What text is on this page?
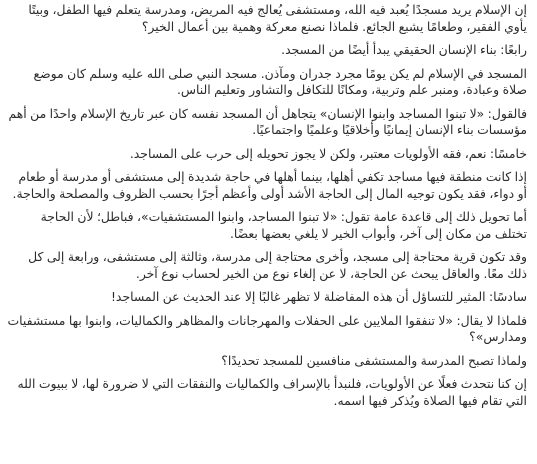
إن الإسلام يريد مسجدًا يُعبد فيه الله، ومستشفى يُعالج فيه المريض، ومدرسة يتعلم فيها الطفل، وبيتًا يأوي الفقير، وطعامًا يشبع الجائع. فلماذا نصنع معركة وهمية بين أعمال الخير؟

رابعًا: بناء الإنسان الحقيقي يبدأ أيضًا من المسجد.

المسجد في الإسلام لم يكن يومًا مجرد جدران ومآذن. مسجد النبي صلى الله عليه وسلم كان موضع صلاة وعبادة، ومنبر علم وتربية، ومكانًا للتكافل والتشاور وتعليم الناس.

فالقول: «لا تبنوا المساجد وابنوا الإنسان» يتجاهل أن المسجد نفسه كان عبر تاريخ الإسلام واحدًا من أهم مؤسسات بناء الإنسان إيمانيًا وأخلاقيًا وعلميًا واجتماعيًا.

خامسًا: نعم، فقه الأولويات معتبر، ولكن لا يجوز تحويله إلى حرب على المساجد.

إذا كانت منطقة فيها مساجد تكفي أهلها، بينما أهلها في حاجة شديدة إلى مستشفى أو مدرسة أو طعام أو دواء، فقد يكون توجيه المال إلى الحاجة الأشد أولى وأعظم أجرًا بحسب الظروف والمصلحة والحاجة.

أما تحويل ذلك إلى قاعدة عامة تقول: «لا تبنوا المساجد، وابنوا المستشفيات»، فباطل؛ لأن الحاجة تختلف من مكان إلى آخر، وأبواب الخير لا يلغي بعضها بعضًا.

وقد تكون قرية محتاجة إلى مسجد، وأخرى محتاجة إلى مدرسة، وثالثة إلى مستشفى، ورابعة إلى كل ذلك معًا. والعاقل يبحث عن الحاجة، لا عن إلغاء نوع من الخير لحساب نوع آخر.

سادسًا: المثير للتساؤل أن هذه المفاضلة لا تظهر غالبًا إلا عند الحديث عن المساجد!

فلماذا لا يقال: «لا تنفقوا الملايين على الحفلات والمهرجانات والمظاهر والكماليات، وابنوا بها مستشفيات ومدارس»؟

ولماذا تصبح المدرسة والمستشفى منافسين للمسجد تحديدًا؟

إن كنا نتحدث فعلًا عن الأولويات، فلنبدأ بالإسراف والكماليات والنفقات التي لا ضرورة لها، لا ببيوت الله التي تقام فيها الصلاة ويُذكر فيها اسمه.
